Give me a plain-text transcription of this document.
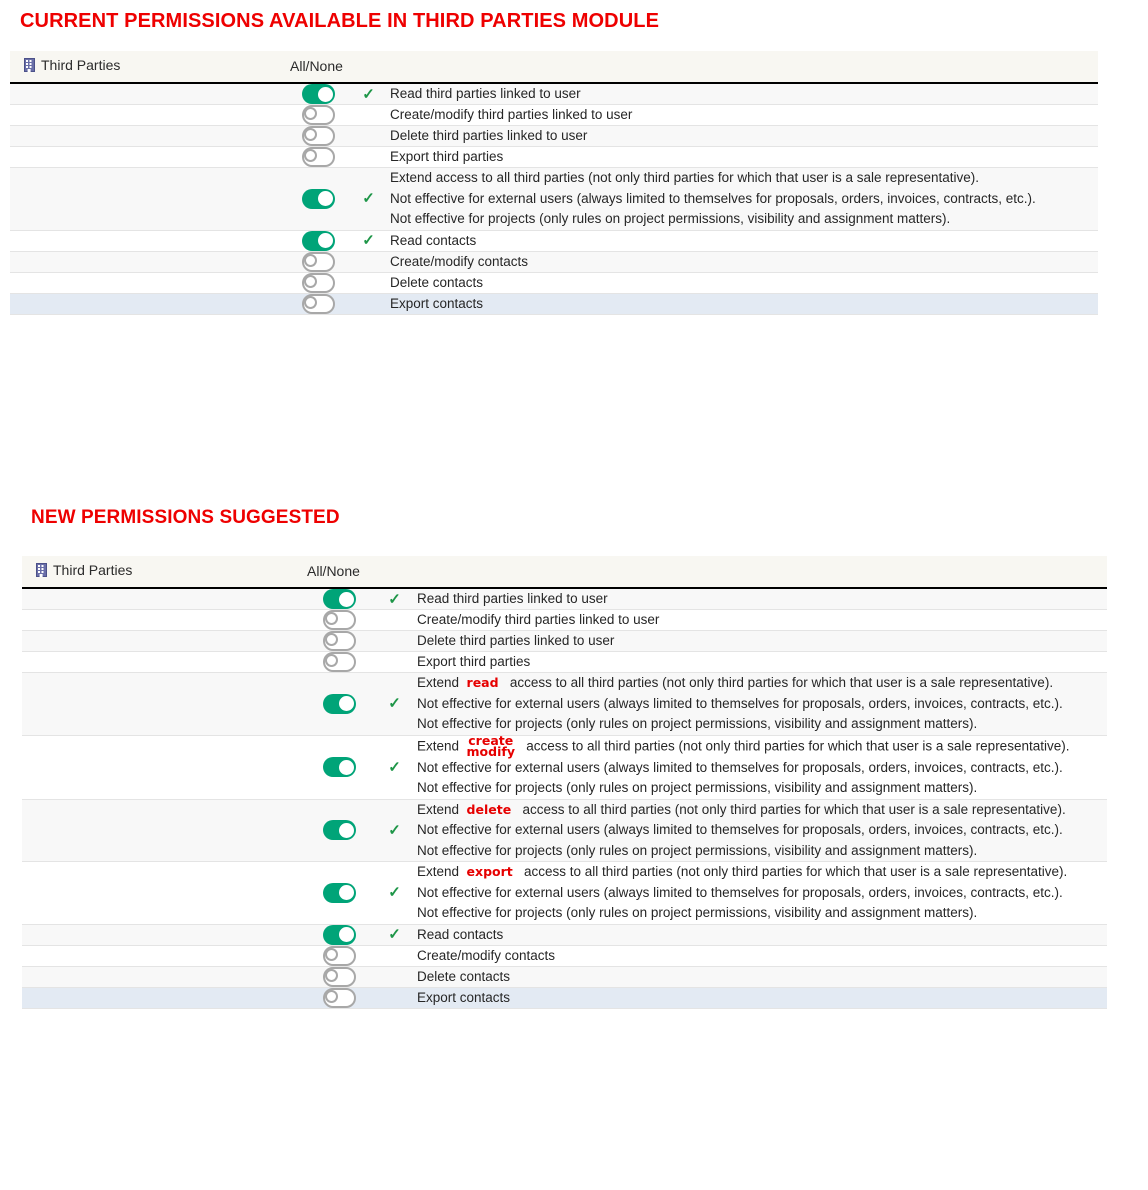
CURRENT PERMISSIONS AVAILABLE IN THIRD PARTIES MODULE
Third Parties	All/None		
		✓	Read third parties linked to user
			Create/modify third parties linked to user
			Delete third parties linked to user
			Export third parties
		✓	Extend access to all third parties (not only third parties for which that user is a sale representative).
Not effective for external users (always limited to themselves for proposals, orders, invoices, contracts, etc.).
Not effective for projects (only rules on project permissions, visibility and assignment matters).

		✓	Read contacts
			Create/modify contacts
			Delete contacts
			Export contacts
NEW PERMISSIONS SUGGESTED
Third Parties	All/None		
		✓	Read third parties linked to user
			Create/modify third parties linked to user
			Delete third parties linked to user
			Export third parties
		✓	Extend  read   access to all third parties (not only third parties for which that user is a sale representative).
Not effective for external users (always limited to themselves for proposals, orders, invoices, contracts, etc.).
Not effective for projects (only rules on project permissions, visibility and assignment matters).

		✓	
Extend create
modify access to all third parties (not only third parties for which that user is a sale representative).
Not effective for external users (always limited to themselves for proposals, orders, invoices, contracts, etc.).
Not effective for projects (only rules on project permissions, visibility and assignment matters).

		✓	Extend  delete   access to all third parties (not only third parties for which that user is a sale representative).
Not effective for external users (always limited to themselves for proposals, orders, invoices, contracts, etc.).
Not effective for projects (only rules on project permissions, visibility and assignment matters).

		✓	Extend  export   access to all third parties (not only third parties for which that user is a sale representative).
Not effective for external users (always limited to themselves for proposals, orders, invoices, contracts, etc.).
Not effective for projects (only rules on project permissions, visibility and assignment matters).

		✓	Read contacts
			Create/modify contacts
			Delete contacts
			Export contacts
